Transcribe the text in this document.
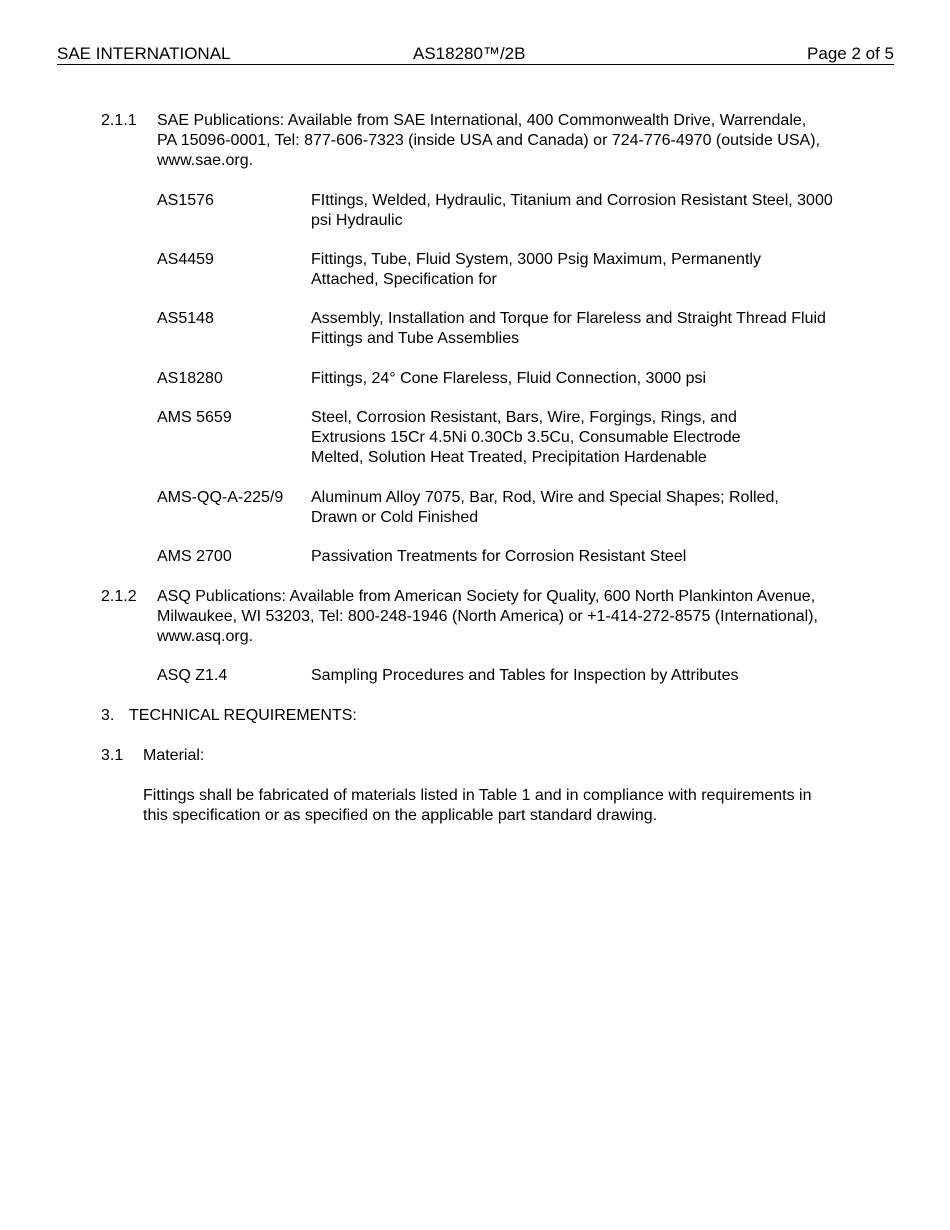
SAE INTERNATIONAL	AS18280™/2B	Page 2 of 5
2.1.1 SAE Publications: Available from SAE International, 400 Commonwealth Drive, Warrendale, PA 15096-0001, Tel: 877-606-7323 (inside USA and Canada) or 724-776-4970 (outside USA), www.sae.org.
AS1576	FIttings, Welded, Hydraulic, Titanium and Corrosion Resistant Steel, 3000 psi Hydraulic
AS4459	Fittings, Tube, Fluid System, 3000 Psig Maximum, Permanently Attached, Specification for
AS5148	Assembly, Installation and Torque for Flareless and Straight Thread Fluid Fittings and Tube Assemblies
AS18280	Fittings, 24° Cone Flareless, Fluid Connection, 3000 psi
AMS 5659	Steel, Corrosion Resistant, Bars, Wire, Forgings, Rings, and Extrusions 15Cr 4.5Ni 0.30Cb 3.5Cu, Consumable Electrode Melted, Solution Heat Treated, Precipitation Hardenable
AMS-QQ-A-225/9 Aluminum Alloy 7075, Bar, Rod, Wire and Special Shapes; Rolled, Drawn or Cold Finished
AMS 2700	Passivation Treatments for Corrosion Resistant Steel
2.1.2 ASQ Publications: Available from American Society for Quality, 600 North Plankinton Avenue, Milwaukee, WI 53203, Tel: 800-248-1946 (North America) or +1-414-272-8575 (International), www.asq.org.
ASQ Z1.4	Sampling Procedures and Tables for Inspection by Attributes
3. TECHNICAL REQUIREMENTS:
3.1 Material:
Fittings shall be fabricated of materials listed in Table 1 and in compliance with requirements in this specification or as specified on the applicable part standard drawing.
